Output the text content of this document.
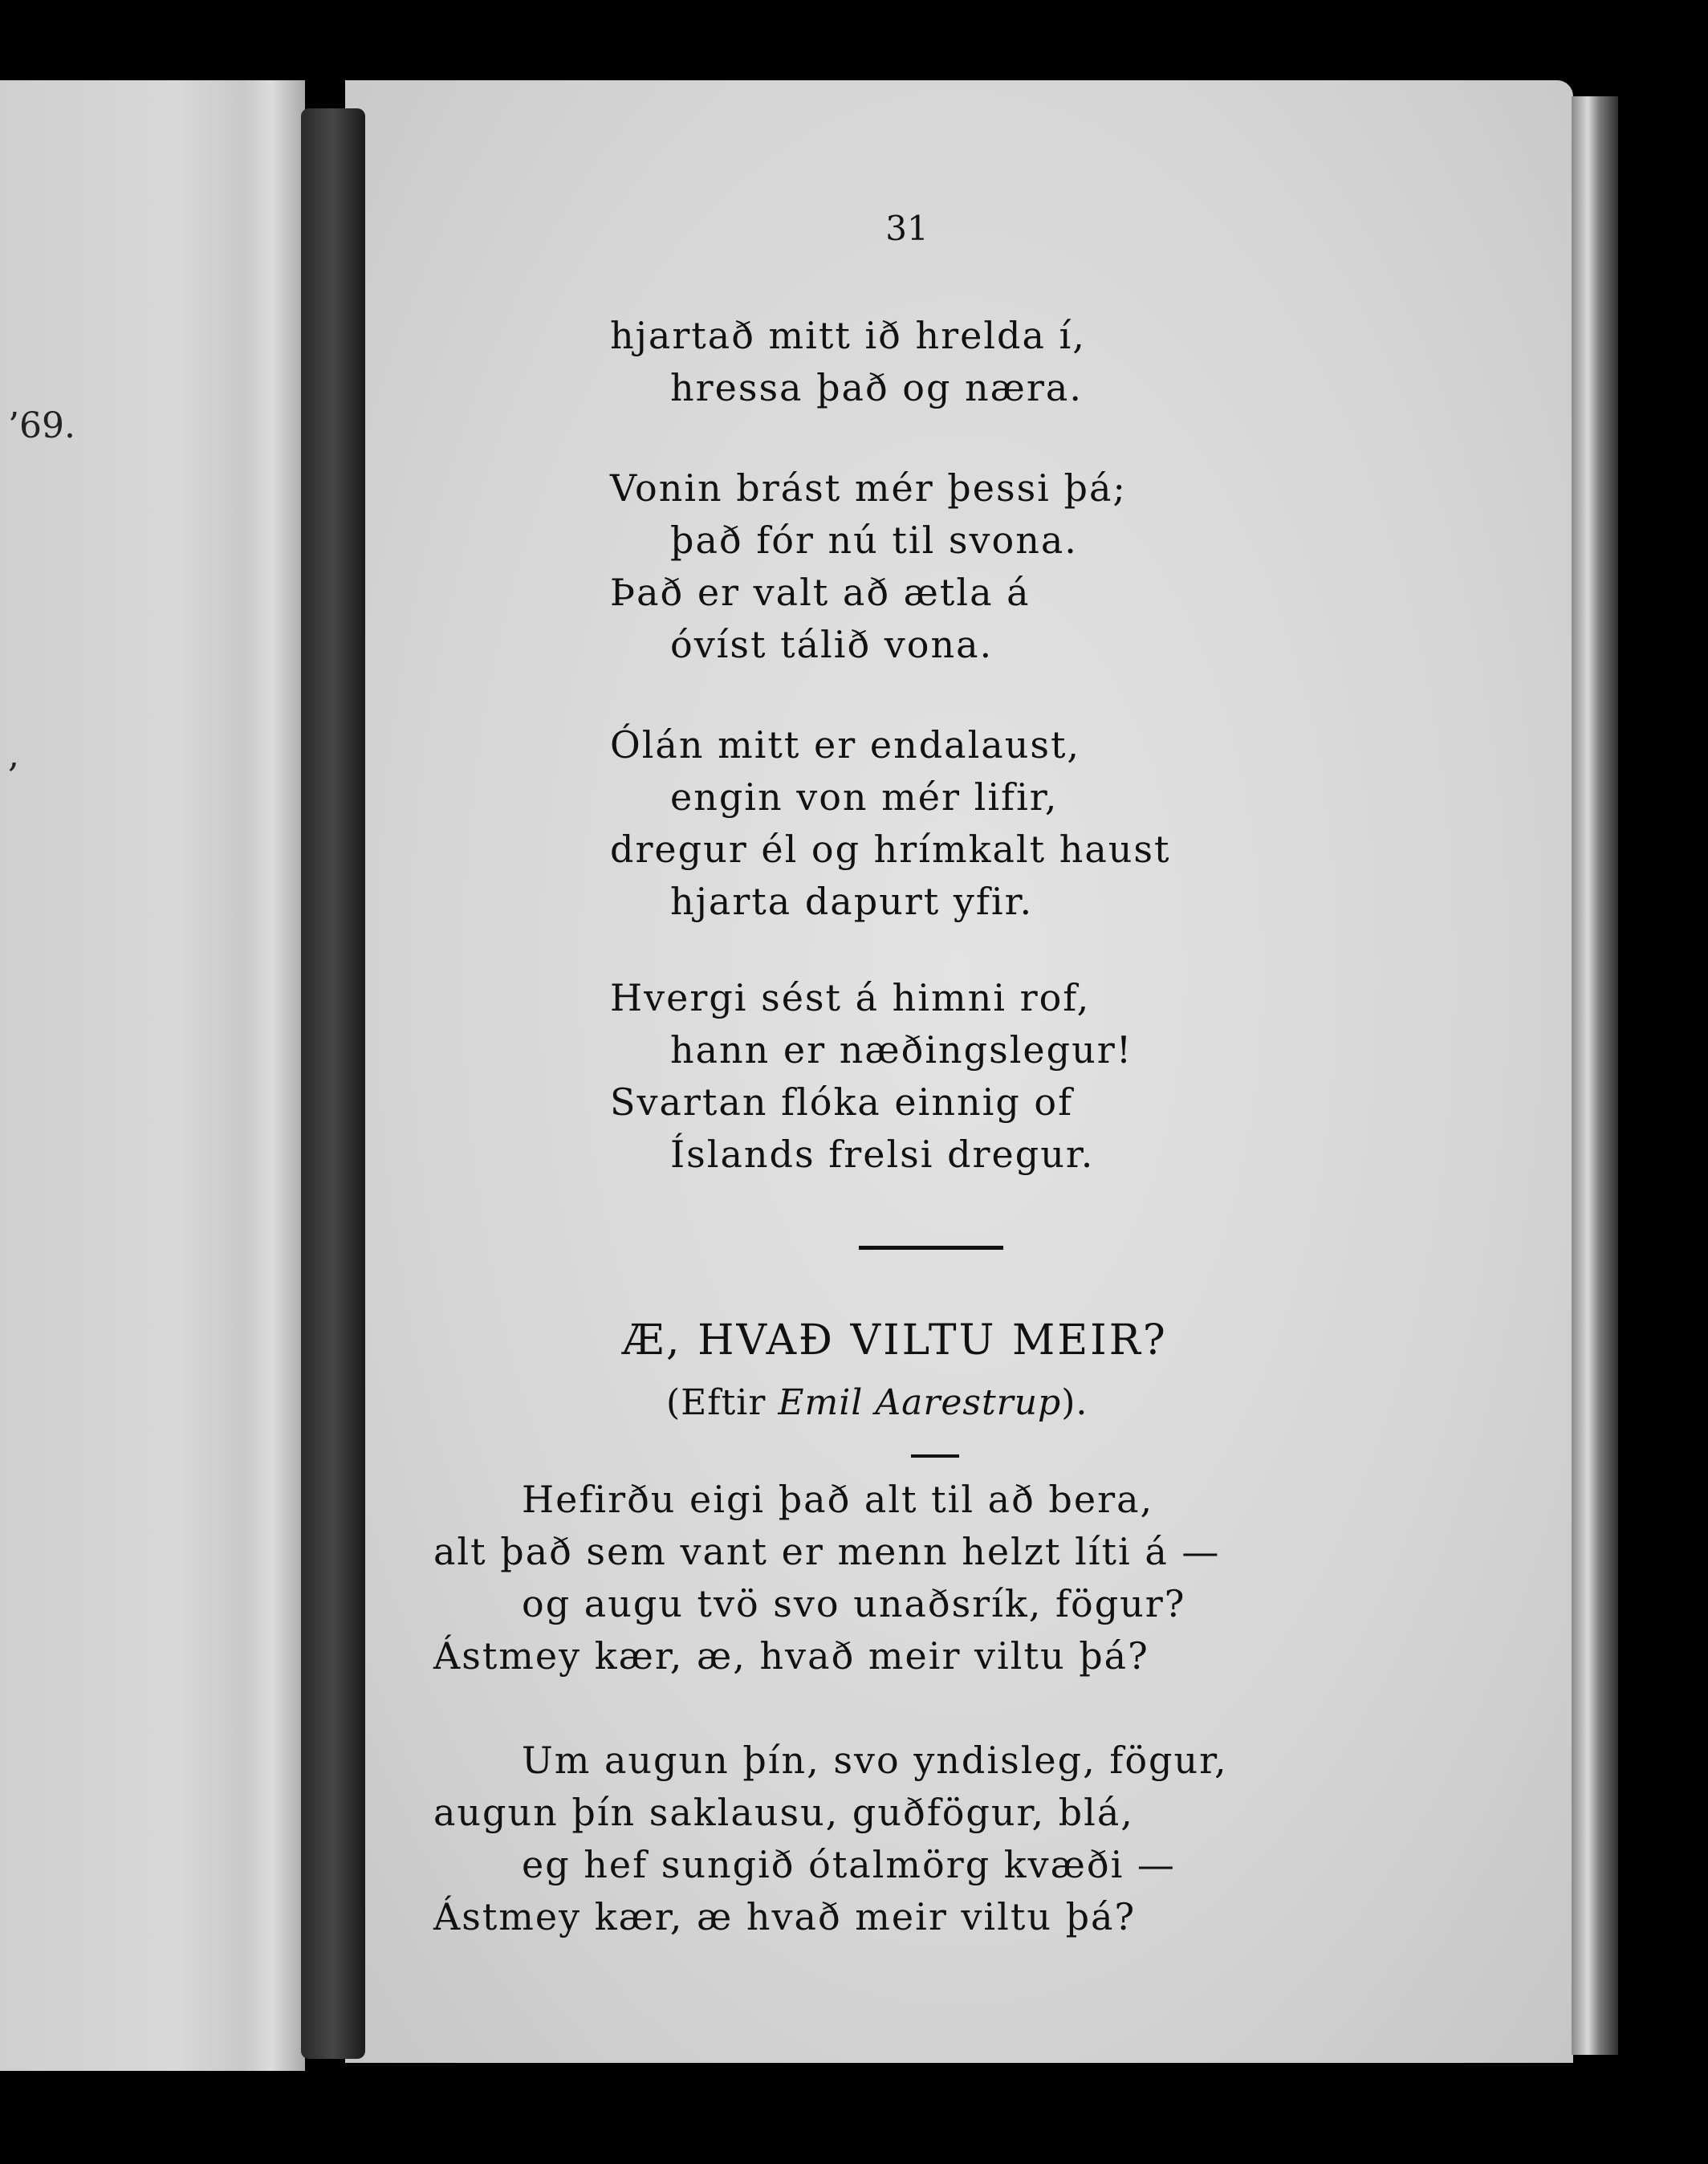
’69.

,

31

hjartað mitt ið hrelda í,

hressa það og næra.

Vonin brást mér þessi þá;

það fór nú til svona.

Það er valt að ætla á

óvíst tálið vona.

Ólán mitt er endalaust,

engin von mér lifir,

dregur él og hrímkalt haust

hjarta dapurt yfir.

Hvergi sést á himni rof,

hann er næðingslegur!

Svartan flóka einnig of

Íslands frelsi dregur.

Æ, HVAÐ VILTU MEIR?

(Eftir Emil Aarestrup).

Hefirðu eigi það alt til að bera,

alt það sem vant er menn helzt líti á —

og augu tvö svo unaðsrík, fögur?

Ástmey kær, æ, hvað meir viltu þá?

Um augun þín, svo yndisleg, fögur,

augun þín saklausu, guðfögur, blá,

eg hef sungið ótalmörg kvæði —

Ástmey kær, æ hvað meir viltu þá?
